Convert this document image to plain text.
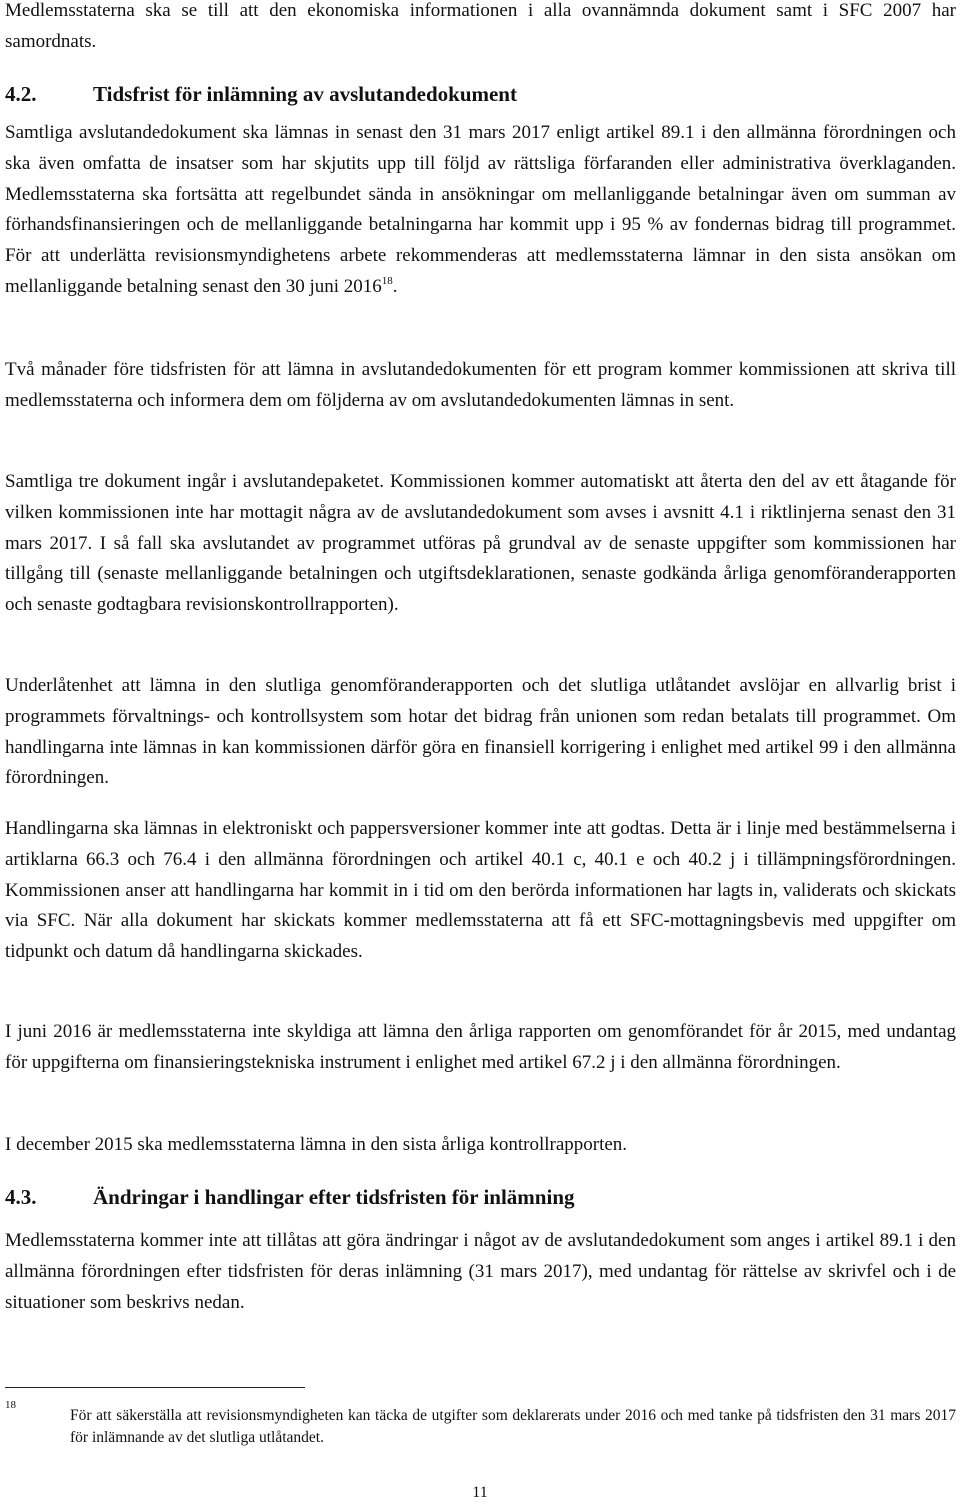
Medlemsstaterna ska se till att den ekonomiska informationen i alla ovannämnda dokument samt i SFC 2007 har samordnats.
4.2.	Tidsfrist för inlämning av avslutandedokument
Samtliga avslutandedokument ska lämnas in senast den 31 mars 2017 enligt artikel 89.1 i den allmänna förordningen och ska även omfatta de insatser som har skjutits upp till följd av rättsliga förfaranden eller administrativa överklaganden. Medlemsstaterna ska fortsätta att regelbundet sända in ansökningar om mellanliggande betalningar även om summan av förhandsfinansieringen och de mellanliggande betalningarna har kommit upp i 95 % av fondernas bidrag till programmet. För att underlätta revisionsmyndighetens arbete rekommenderas att medlemsstaterna lämnar in den sista ansökan om mellanliggande betalning senast den 30 juni 2016$^{18}$.
Två månader före tidsfristen för att lämna in avslutandedokumenten för ett program kommer kommissionen att skriva till medlemsstaterna och informera dem om följderna av om avslutandedokumenten lämnas in sent.
Samtliga tre dokument ingår i avslutandepaketet. Kommissionen kommer automatiskt att återta den del av ett åtagande för vilken kommissionen inte har mottagit några av de avslutandedokument som avses i avsnitt 4.1 i riktlinjerna senast den 31 mars 2017. I så fall ska avslutandet av programmet utföras på grundval av de senaste uppgifter som kommissionen har tillgång till (senaste mellanliggande betalningen och utgiftsdeklarationen, senaste godkända årliga genomföranderapporten och senaste godtagbara revisionskontrollrapporten).
Underlåtenhet att lämna in den slutliga genomföranderapporten och det slutliga utlåtandet avslöjar en allvarlig brist i programmets förvaltnings- och kontrollsystem som hotar det bidrag från unionen som redan betalats till programmet. Om handlingarna inte lämnas in kan kommissionen därför göra en finansiell korrigering i enlighet med artikel 99 i den allmänna förordningen.
Handlingarna ska lämnas in elektroniskt och pappersversioner kommer inte att godtas. Detta är i linje med bestämmelserna i artiklarna 66.3 och 76.4 i den allmänna förordningen och artikel 40.1 c, 40.1 e och 40.2 j i tillämpningsförordningen. Kommissionen anser att handlingarna har kommit in i tid om den berörda informationen har lagts in, validerats och skickats via SFC. När alla dokument har skickats kommer medlemsstaterna att få ett SFC-mottagningsbevis med uppgifter om tidpunkt och datum då handlingarna skickades.
I juni 2016 är medlemsstaterna inte skyldiga att lämna den årliga rapporten om genomförandet för år 2015, med undantag för uppgifterna om finansieringstekniska instrument i enlighet med artikel 67.2 j i den allmänna förordningen.
I december 2015 ska medlemsstaterna lämna in den sista årliga kontrollrapporten.
4.3.	Ändringar i handlingar efter tidsfristen för inlämning
Medlemsstaterna kommer inte att tillåtas att göra ändringar i något av de avslutandedokument som anges i artikel 89.1 i den allmänna förordningen efter tidsfristen för deras inlämning (31 mars 2017), med undantag för rättelse av skrivfel och i de situationer som beskrivs nedan.
18
För att säkerställa att revisionsmyndigheten kan täcka de utgifter som deklarerats under 2016 och med tanke på tidsfristen den 31 mars 2017 för inlämnande av det slutliga utlåtandet.
11
